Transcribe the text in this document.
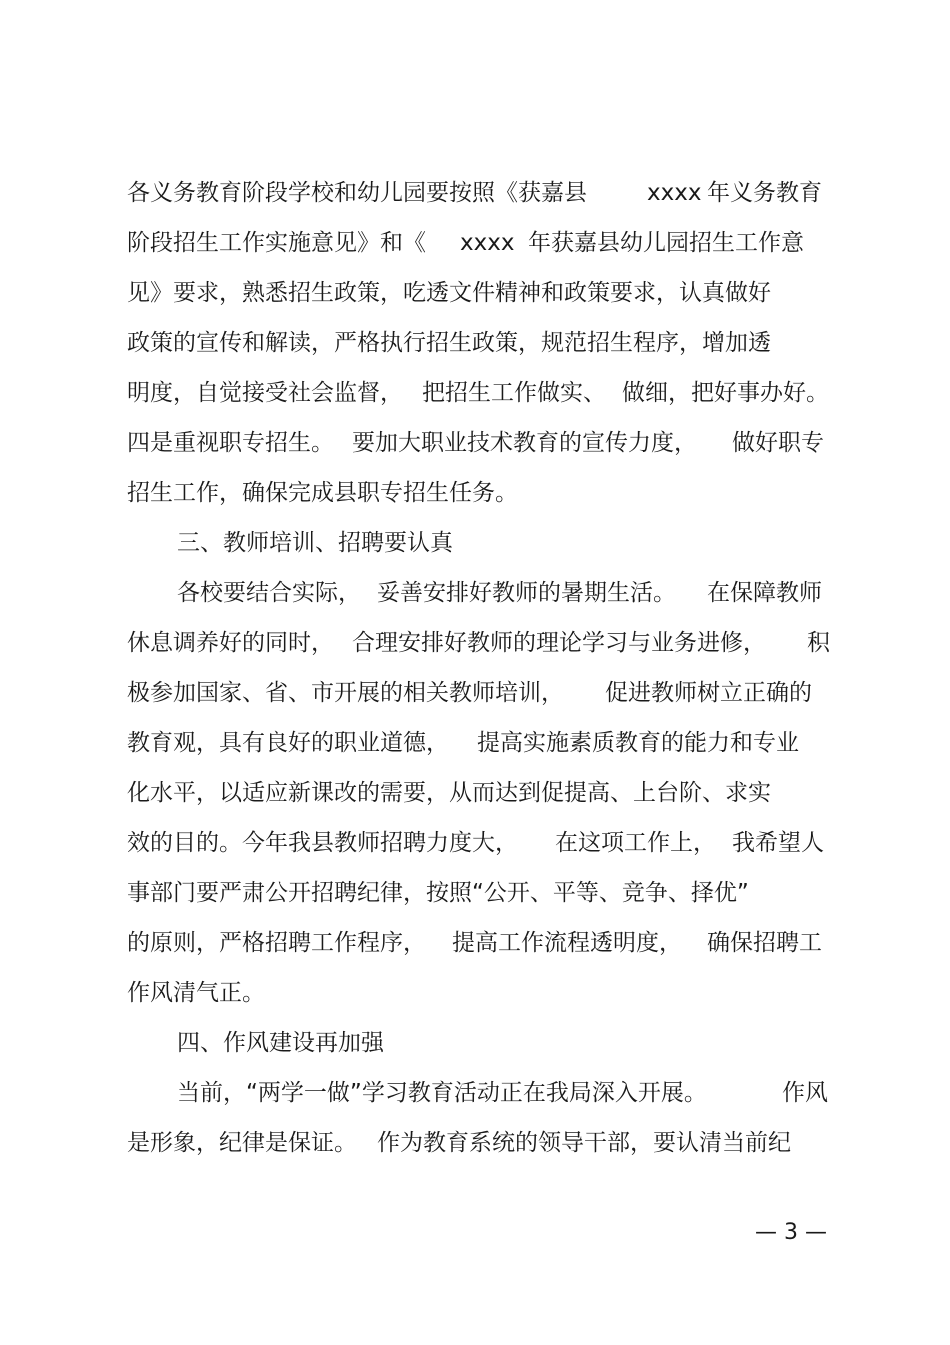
各义务教育阶段学校和幼儿园要按照《获嘉县

	xxxx

年义务教育

阶段招生工作实施意见》和《

xxxx

年获嘉县幼儿园招生工作意

见》要求，熟悉招生政策，吃透文件精神和政策要求，认真做好

政策的宣传和解读，严格执行招生政策，规范招生程序，增加透

明度，自觉接受社会监督，

把招生工作做实、

做细，把好事办好。

四是重视职专招生。

要加大职业技术教育的宣传力度，

做好职专

招生工作，确保完成县职专招生任务。

三、教师培训、招聘要认真

各校要结合实际，

妥善安排好教师的暑期生活。

在保障教师

休息调养好的同时，

合理安排好教师的理论学习与业务进修，

积

极参加国家、省、市开展的相关教师培训，

促进教师树立正确的

教育观，具有良好的职业道德，

提高实施素质教育的能力和专业

化水平，以适应新课改的需要，从而达到促提高、上台阶、求实

效的目的。今年我县教师招聘力度大，

在这项工作上，

我希望人

事部门要严肃公开招聘纪律，按照“公开、平等、竞争、择优”

的原则，严格招聘工作程序，

提高工作流程透明度，

确保招聘工

作风清气正。

四、作风建设再加强

当前，“两学一做”学习教育活动正在我局深入开展。

	作风

是形象，纪律是保证。

作为教育系统的领导干部，要认清当前纪

— 3 —
